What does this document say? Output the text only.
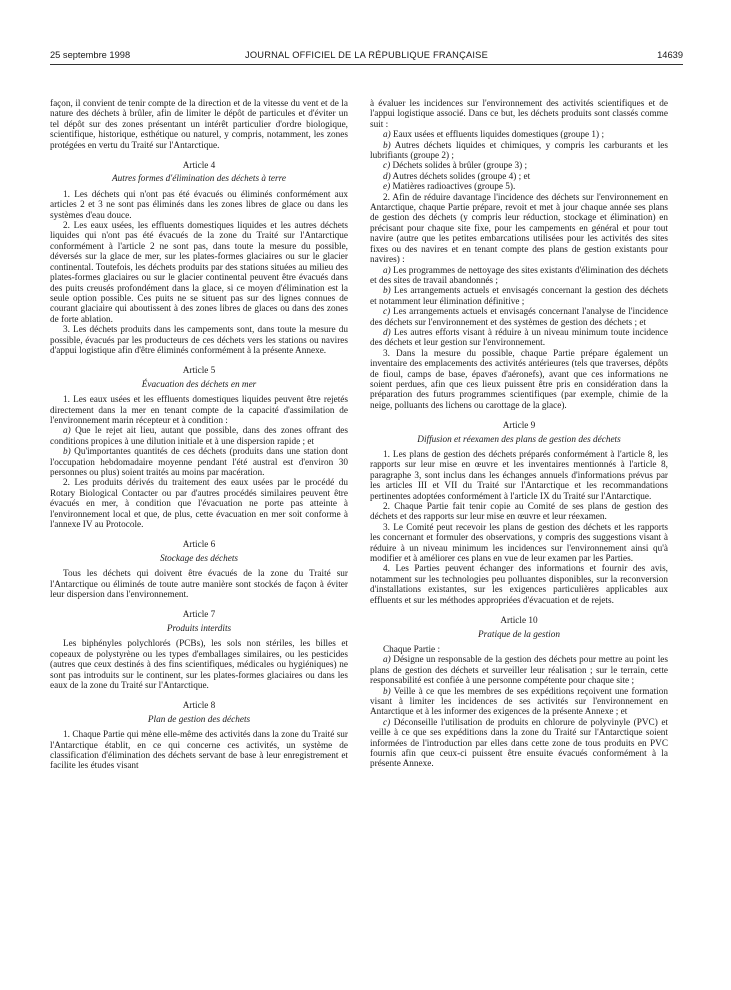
25 septembre 1998	JOURNAL OFFICIEL DE LA RÉPUBLIQUE FRANÇAISE	14639

façon, il convient de tenir compte de la direction et de la vitesse du vent et de la nature des déchets à brûler, afin de limiter le dépôt de particules et d'éviter un tel dépôt sur des zones présentant un intérêt particulier d'ordre biologique, scientifique, historique, esthétique ou naturel, y compris, notamment, les zones protégées en vertu du Traité sur l'Antarctique.

Article 4

Autres formes d'élimination des déchets à terre

1. Les déchets qui n'ont pas été évacués ou éliminés conformément aux articles 2 et 3 ne sont pas éliminés dans les zones libres de glace ou dans les systèmes d'eau douce.

2. Les eaux usées, les effluents domestiques liquides et les autres déchets liquides qui n'ont pas été évacués de la zone du Traité sur l'Antarctique conformément à l'article 2 ne sont pas, dans toute la mesure du possible, déversés sur la glace de mer, sur les plates-formes glaciaires ou sur le glacier continental. Toutefois, les déchets produits par des stations situées au milieu des plates-formes glaciaires ou sur le glacier continental peuvent être évacués dans des puits creusés profondément dans la glace, si ce moyen d'élimination est la seule option possible. Ces puits ne se situent pas sur des lignes connues de courant glaciaire qui aboutissent à des zones libres de glaces ou dans des zones de forte ablation.

3. Les déchets produits dans les campements sont, dans toute la mesure du possible, évacués par les producteurs de ces déchets vers les stations ou navires d'appui logistique afin d'être éliminés conformément à la présente Annexe.

Article 5

Évacuation des déchets en mer

1. Les eaux usées et les effluents domestiques liquides peuvent être rejetés directement dans la mer en tenant compte de la capacité d'assimilation de l'environnement marin récepteur et à condition :

a) Que le rejet ait lieu, autant que possible, dans des zones offrant des conditions propices à une dilution initiale et à une dispersion rapide ; et

b) Qu'importantes quantités de ces déchets (produits dans une station dont l'occupation hebdomadaire moyenne pendant l'été austral est d'environ 30 personnes ou plus) soient traités au moins par macération.

2. Les produits dérivés du traitement des eaux usées par le procédé du Rotary Biological Contacter ou par d'autres procédés similaires peuvent être évacués en mer, à condition que l'évacuation ne porte pas atteinte à l'environnement local et que, de plus, cette évacuation en mer soit conforme à l'annexe IV au Protocole.

Article 6

Stockage des déchets

Tous les déchets qui doivent être évacués de la zone du Traité sur l'Antarctique ou éliminés de toute autre manière sont stockés de façon à éviter leur dispersion dans l'environnement.

Article 7

Produits interdits

Les biphényles polychlorés (PCBs), les sols non stériles, les billes et copeaux de polystyrène ou les types d'emballages similaires, ou les pesticides (autres que ceux destinés à des fins scientifiques, médicales ou hygiéniques) ne sont pas introduits sur le continent, sur les plates-formes glaciaires ou dans les eaux de la zone du Traité sur l'Antarctique.

Article 8

Plan de gestion des déchets

1. Chaque Partie qui mène elle-même des activités dans la zone du Traité sur l'Antarctique établit, en ce qui concerne ces activités, un système de classification d'élimination des déchets servant de base à leur enregistrement et facilite les études visant

à évaluer les incidences sur l'environnement des activités scientifiques et de l'appui logistique associé. Dans ce but, les déchets produits sont classés comme suit :

a) Eaux usées et effluents liquides domestiques (groupe 1) ;

b) Autres déchets liquides et chimiques, y compris les carburants et les lubrifiants (groupe 2) ;

c) Déchets solides à brûler (groupe 3) ;

d) Autres déchets solides (groupe 4) ; et

e) Matières radioactives (groupe 5).

2. Afin de réduire davantage l'incidence des déchets sur l'environnement en Antarctique, chaque Partie prépare, revoit et met à jour chaque année ses plans de gestion des déchets (y compris leur réduction, stockage et élimination) en précisant pour chaque site fixe, pour les campements en général et pour tout navire (autre que les petites embarcations utilisées pour les activités des sites fixes ou des navires et en tenant compte des plans de gestion existants pour navires) :

a) Les programmes de nettoyage des sites existants d'élimination des déchets et des sites de travail abandonnés ;

b) Les arrangements actuels et envisagés concernant la gestion des déchets et notamment leur élimination définitive ;

c) Les arrangements actuels et envisagés concernant l'analyse de l'incidence des déchets sur l'environnement et des systèmes de gestion des déchets ; et

d) Les autres efforts visant à réduire à un niveau minimum toute incidence des déchets et leur gestion sur l'environnement.

3. Dans la mesure du possible, chaque Partie prépare également un inventaire des emplacements des activités antérieures (tels que traverses, dépôts de fioul, camps de base, épaves d'aéronefs), avant que ces informations ne soient perdues, afin que ces lieux puissent être pris en considération dans la préparation des futurs programmes scientifiques (par exemple, chimie de la neige, polluants des lichens ou carottage de la glace).

Article 9

Diffusion et réexamen des plans de gestion des déchets

1. Les plans de gestion des déchets préparés conformément à l'article 8, les rapports sur leur mise en œuvre et les inventaires mentionnés à l'article 8, paragraphe 3, sont inclus dans les échanges annuels d'informations prévus par les articles III et VII du Traité sur l'Antarctique et les recommandations pertinentes adoptées conformément à l'article IX du Traité sur l'Antarctique.

2. Chaque Partie fait tenir copie au Comité de ses plans de gestion des déchets et des rapports sur leur mise en œuvre et leur réexamen.

3. Le Comité peut recevoir les plans de gestion des déchets et les rapports les concernant et formuler des observations, y compris des suggestions visant à réduire à un niveau minimum les incidences sur l'environnement ainsi qu'à modifier et à améliorer ces plans en vue de leur examen par les Parties.

4. Les Parties peuvent échanger des informations et fournir des avis, notamment sur les technologies peu polluantes disponibles, sur la reconversion d'installations existantes, sur les exigences particulières applicables aux effluents et sur les méthodes appropriées d'évacuation et de rejets.

Article 10

Pratique de la gestion

Chaque Partie :

a) Désigne un responsable de la gestion des déchets pour mettre au point les plans de gestion des déchets et surveiller leur réalisation ; sur le terrain, cette responsabilité est confiée à une personne compétente pour chaque site ;

b) Veille à ce que les membres de ses expéditions reçoivent une formation visant à limiter les incidences de ses activités sur l'environnement en Antarctique et à les informer des exigences de la présente Annexe ; et

c) Déconseille l'utilisation de produits en chlorure de polyvinyle (PVC) et veille à ce que ses expéditions dans la zone du Traité sur l'Antarctique soient informées de l'introduction par elles dans cette zone de tous produits en PVC fournis afin que ceux-ci puissent être ensuite évacués conformément à la présente Annexe.
